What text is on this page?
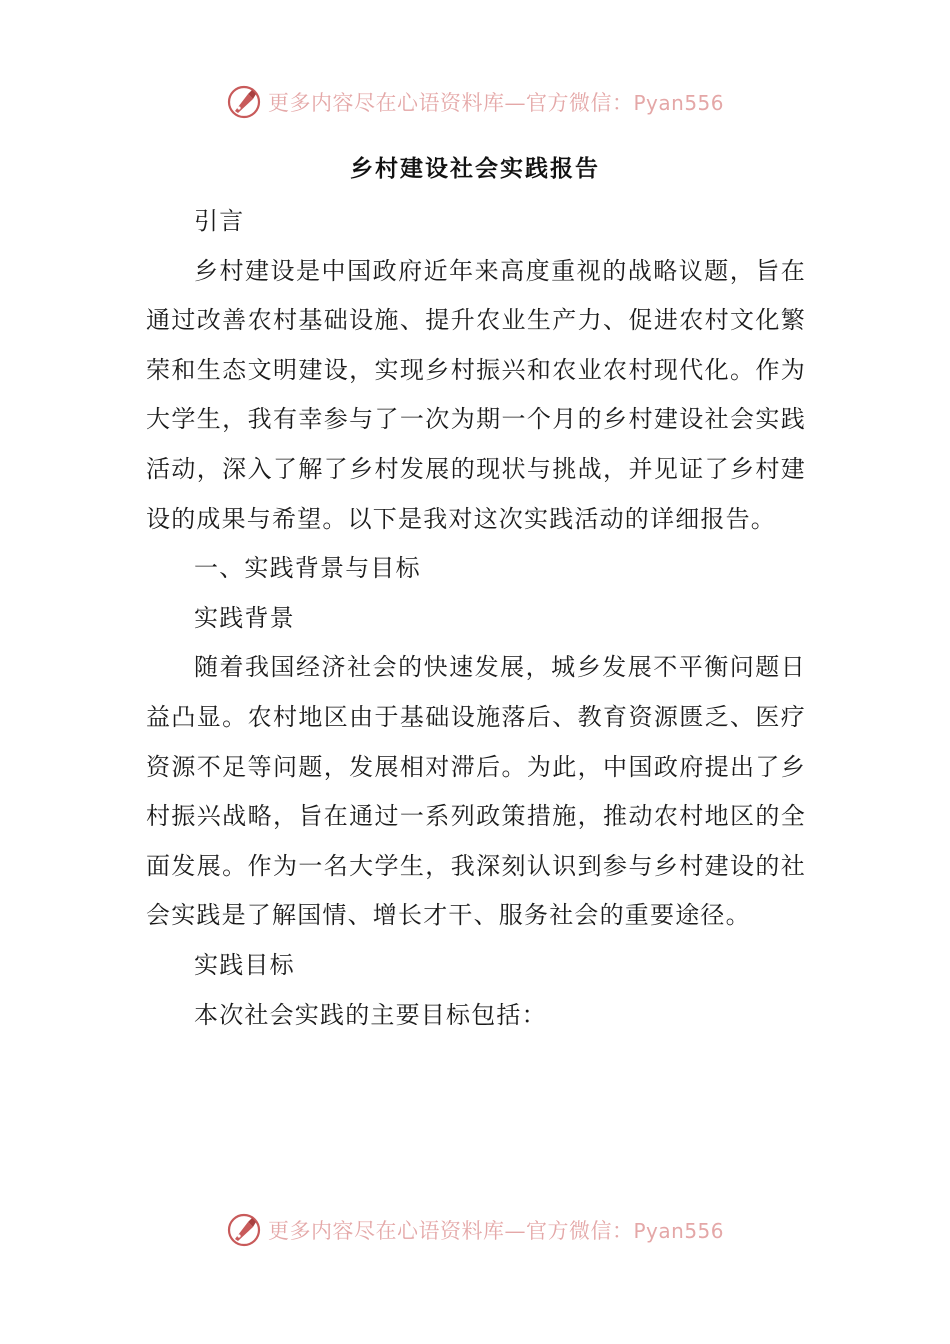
更多内容尽在心语资料库—官方微信：Pyan556
乡村建设社会实践报告

引言

乡村建设是中国政府近年来高度重视的战略议题，旨在通过改善农村基础设施、提升农业生产力、促进农村文化繁荣和生态文明建设，实现乡村振兴和农业农村现代化。作为大学生，我有幸参与了一次为期一个月的乡村建设社会实践活动，深入了解了乡村发展的现状与挑战，并见证了乡村建设的成果与希望。以下是我对这次实践活动的详细报告。

一、实践背景与目标

实践背景

随着我国经济社会的快速发展，城乡发展不平衡问题日益凸显。农村地区由于基础设施落后、教育资源匮乏、医疗资源不足等问题，发展相对滞后。为此，中国政府提出了乡村振兴战略，旨在通过一系列政策措施，推动农村地区的全面发展。作为一名大学生，我深刻认识到参与乡村建设的社会实践是了解国情、增长才干、服务社会的重要途径。

实践目标

本次社会实践的主要目标包括：

更多内容尽在心语资料库—官方微信：Pyan556
